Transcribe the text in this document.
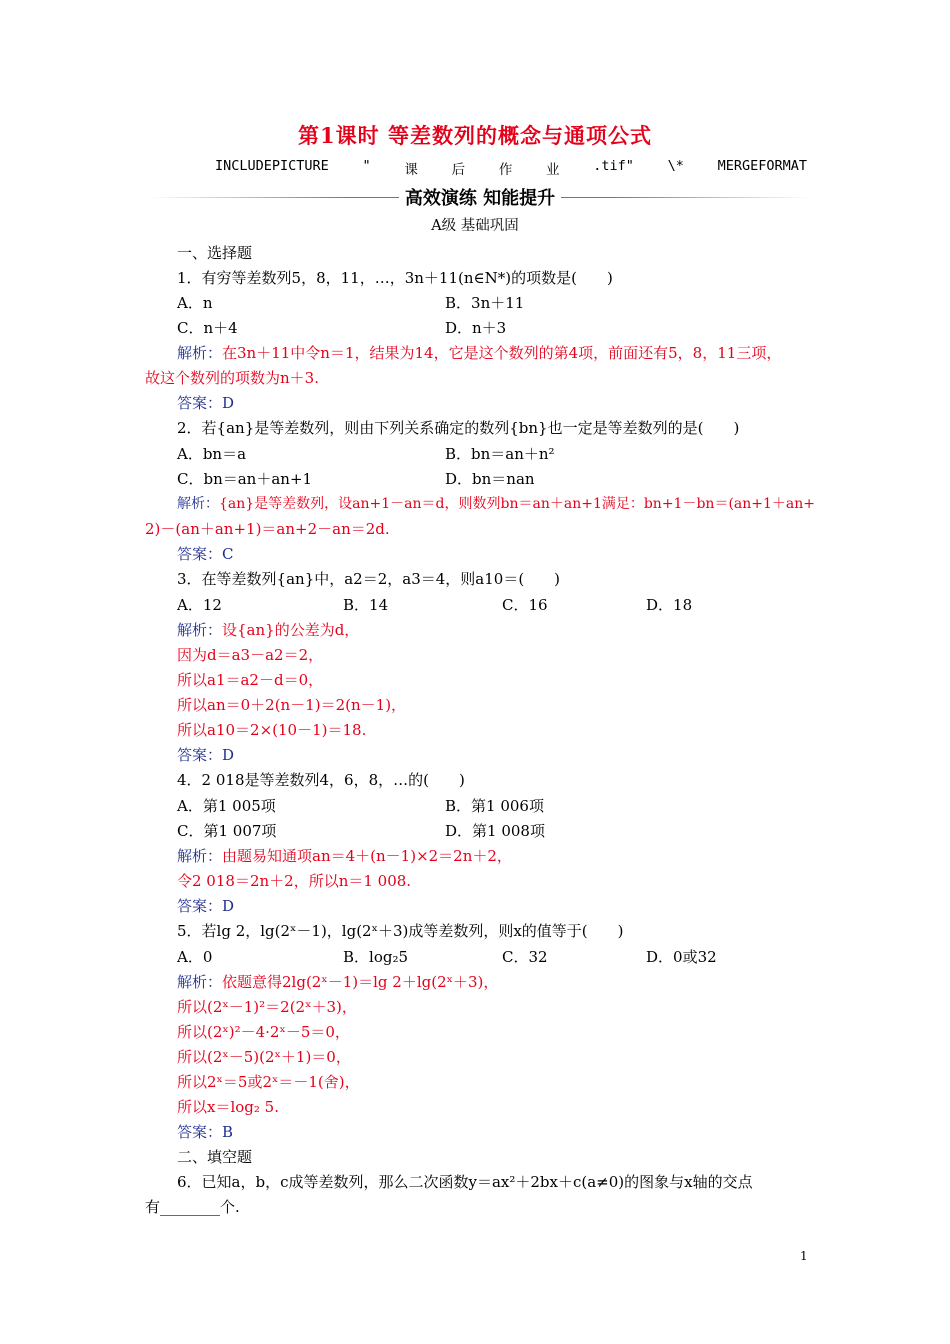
第1课时 等差数列的概念与通项公式
INCLUDEPICTURE " 课 后 作 业 .tif" \* MERGEFORMAT
高效演练 知能提升
A级 基础巩固
一、选择题
1．有穷等差数列5，8，11，…，3n＋11(n∈N*)的项数是(　　)
A．n	B．3n＋11
C．n＋4	D．n＋3
解析：在3n＋11中令n＝1，结果为14，它是这个数列的第4项，前面还有5，8，11三项，
故这个数列的项数为n＋3.
答案：D
2．若{an}是等差数列，则由下列关系确定的数列{bn}也一定是等差数列的是(　　)
A．bn＝a	B．bn＝an＋n²
C．bn＝an＋an+1	D．bn＝nan
解析：{an}是等差数列，设an+1－an＝d，则数列bn＝an＋an+1满足：bn+1－bn＝(an+1＋an+
2)－(an＋an+1)＝an+2－an＝2d.
答案：C
3．在等差数列{an}中，a2＝2，a3＝4，则a10＝(　　)
A．12	B．14	C．16	D．18
解析：设{an}的公差为d，
因为d＝a3－a2＝2，
所以a1＝a2－d＝0，
所以an＝0＋2(n－1)＝2(n－1)，
所以a10＝2×(10－1)＝18.
答案：D
4．2 018是等差数列4，6，8，…的(　　)
A．第1 005项	B．第1 006项
C．第1 007项	D．第1 008项
解析：由题易知通项an＝4＋(n－1)×2＝2n＋2，
令2 018＝2n＋2，所以n＝1 008.
答案：D
5．若lg 2，lg(2ˣ－1)，lg(2ˣ＋3)成等差数列，则x的值等于(　　)
A．0	B．log₂5	C．32	D．0或32
解析：依题意得2lg(2ˣ－1)＝lg 2＋lg(2ˣ＋3)，
所以(2ˣ－1)²＝2(2ˣ＋3)，
所以(2ˣ)²－4·2ˣ－5＝0，
所以(2ˣ－5)(2ˣ＋1)＝0，
所以2ˣ＝5或2ˣ＝－1(舍)，
所以x＝log₂ 5.
答案：B
二、填空题
6．已知a，b，c成等差数列，那么二次函数y＝ax²＋2bx＋c(a≠0)的图象与x轴的交点
有________个.
1
